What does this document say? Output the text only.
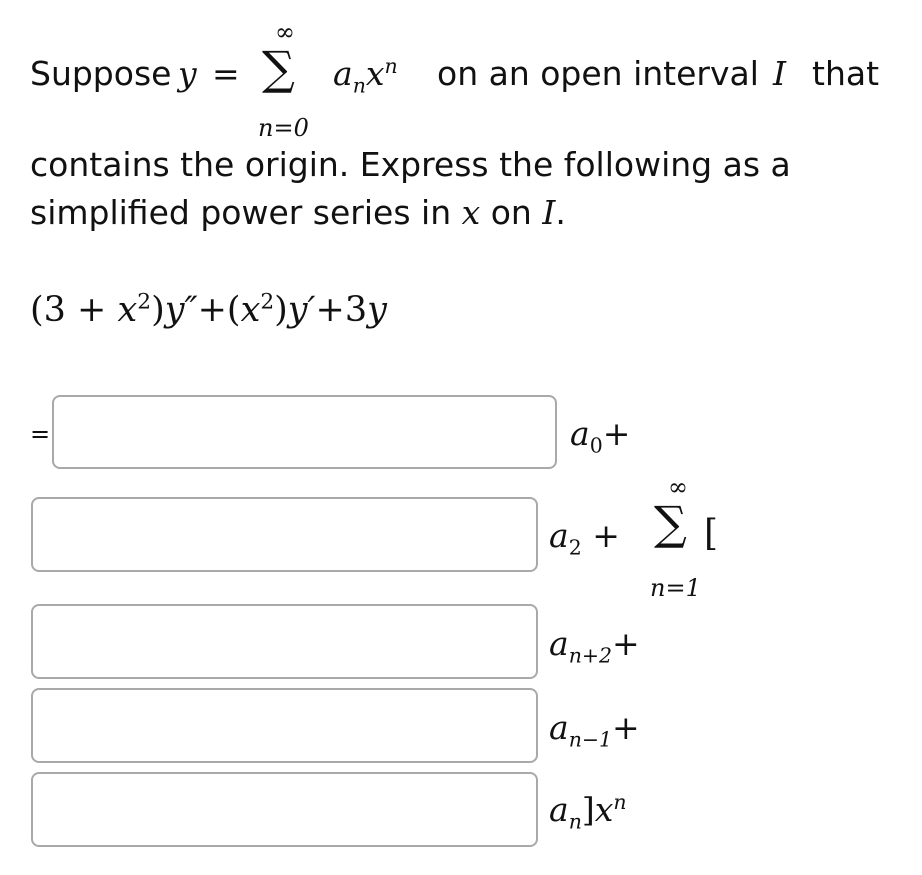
Suppose y =
∞
∑
n=0
$a_nx^n$ on an open interval I that
contains the origin. Express the following as a
simplified power series in x on I.
$(3 + x^2)y''+(x^2)y'+3y$
=	$a_0+$
$a_2$ +
∞
∑ [
n=1
$a_{n+2}+$
$a_{n-1}+$
$a_n]x^n$
